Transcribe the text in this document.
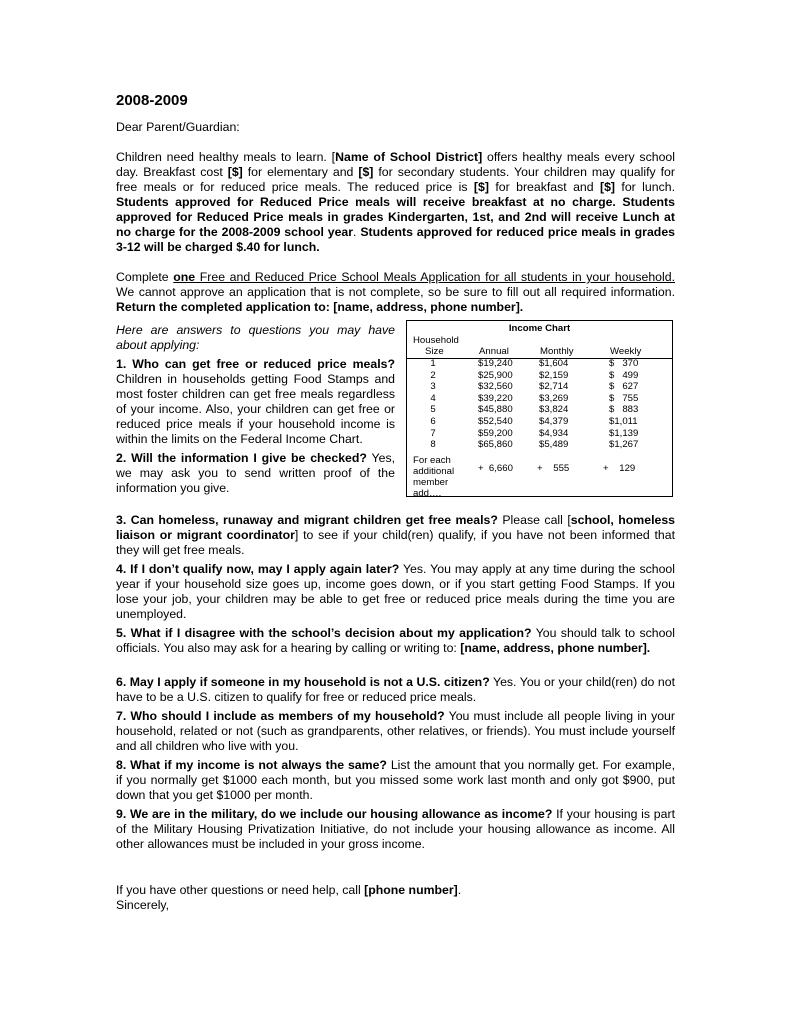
2008-2009

Dear Parent/Guardian:

Children need healthy meals to learn. [Name of School District] offers healthy meals every school day. Breakfast cost [$] for elementary and [$] for secondary students. Your children may qualify for free meals or for reduced price meals. The reduced price is [$] for breakfast and [$] for lunch. Students approved for Reduced Price meals will receive breakfast at no charge. Students approved for Reduced Price meals in grades Kindergarten, 1st, and 2nd will receive Lunch at no charge for the 2008-2009 school year. Students approved for reduced price meals in grades 3-12 will be charged $.40 for lunch.

Complete one Free and Reduced Price School Meals Application for all students in your household. We cannot approve an application that is not complete, so be sure to fill out all required information. Return the completed application to: [name, address, phone number].

Here are answers to questions you may have about applying:

1. Who can get free or reduced price meals? Children in households getting Food Stamps and most foster children can get free meals regardless of your income. Also, your children can get free or reduced price meals if your household income is within the limits on the Federal Income Chart.

2. Will the information I give be checked? Yes, we may ask you to send written proof of the information you give.

Income Chart
Household
Size	Annual	Monthly	Weekly
1	$19,240	$1,604	$   370
2	$25,900	$2,159	$   499
3	$32,560	$2,714	$   627
4	$39,220	$3,269	$   755
5	$45,880	$3,824	$   883
6	$52,540	$4,379	$1,011
7	$59,200	$4,934	$1,139
8	$65,860	$5,489	$1,267
For each additional member add….
+  6,660	+    555	+    129

3. Can homeless, runaway and migrant children get free meals? Please call [school, homeless liaison or migrant coordinator] to see if your child(ren) qualify, if you have not been informed that they will get free meals.

4. If I don’t qualify now, may I apply again later? Yes. You may apply at any time during the school year if your household size goes up, income goes down, or if you start getting Food Stamps. If you lose your job, your children may be able to get free or reduced price meals during the time you are unemployed.

5. What if I disagree with the school’s decision about my application? You should talk to school officials. You also may ask for a hearing by calling or writing to: [name, address, phone number].

6. May I apply if someone in my household is not a U.S. citizen? Yes. You or your child(ren) do not have to be a U.S. citizen to qualify for free or reduced price meals.

7. Who should I include as members of my household? You must include all people living in your household, related or not (such as grandparents, other relatives, or friends). You must include yourself and all children who live with you.

8. What if my income is not always the same? List the amount that you normally get. For example, if you normally get $1000 each month, but you missed some work last month and only got $900, put down that you get $1000 per month.

9. We are in the military, do we include our housing allowance as income? If your housing is part of the Military Housing Privatization Initiative, do not include your housing allowance as income. All other allowances must be included in your gross income.

If you have other questions or need help, call [phone number].

Sincerely,
